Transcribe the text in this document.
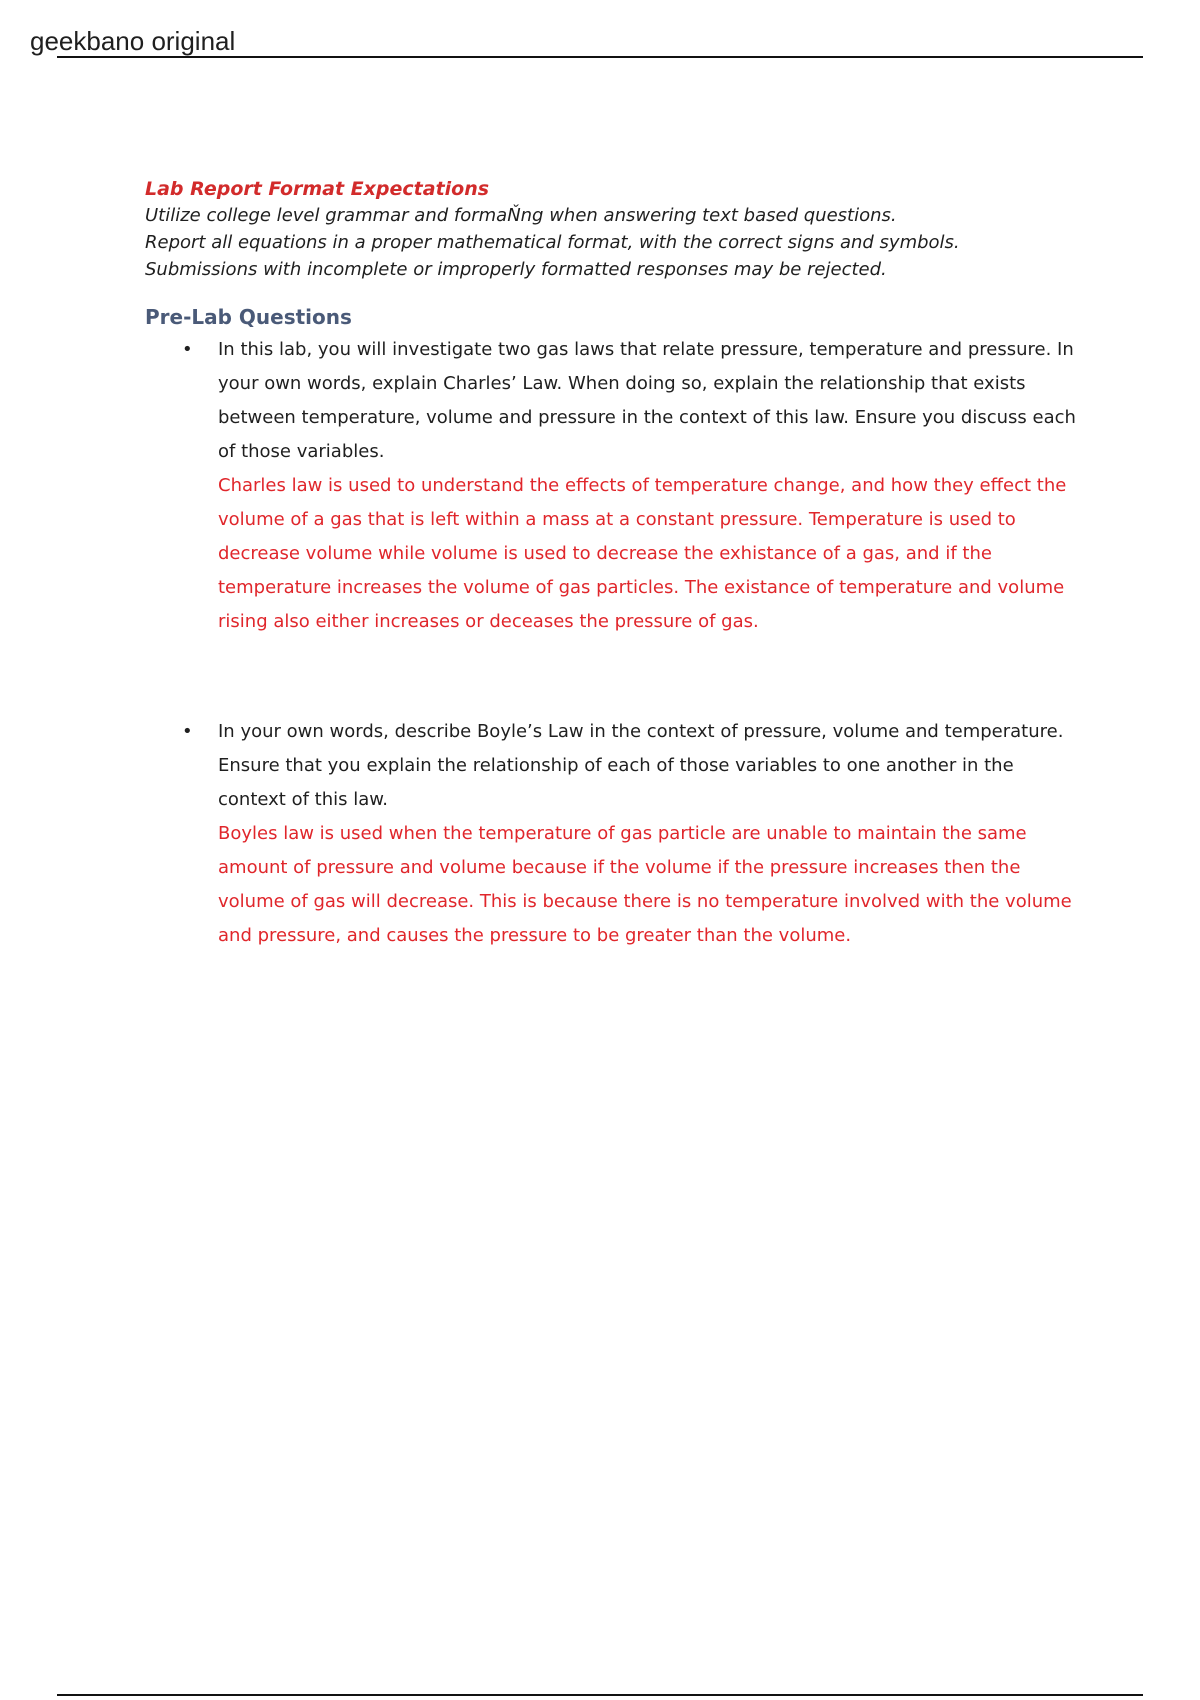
geekbano original

Lab Report Format Expectations

Utilize college level grammar and formaŇng when answering text based questions.

Report all equations in a proper mathematical format, with the correct signs and symbols.

Submissions with incomplete or improperly formatted responses may be rejected.

Pre-Lab Questions
• In this lab, you will investigate two gas laws that relate pressure, temperature and pressure. In your own words, explain Charles’ Law. When doing so, explain the relationship that exists between temperature, volume and pressure in the context of this law. Ensure you discuss each of those variables.

Charles law is used to understand the effects of temperature change, and how they effect the volume of a gas that is left within a mass at a constant pressure. Temperature is used to decrease volume while volume is used to decrease the exhistance of a gas, and if the temperature increases the volume of gas particles. The existance of temperature and volume rising also either increases or deceases the pressure of gas.

• In your own words, describe Boyle’s Law in the context of pressure, volume and temperature. Ensure that you explain the relationship of each of those variables to one another in the context of this law.

Boyles law is used when the temperature of gas particle are unable to maintain the same amount of pressure and volume because if the volume if the pressure increases then the volume of gas will decrease. This is because there is no temperature involved with the volume and pressure, and causes the pressure to be greater than the volume.
